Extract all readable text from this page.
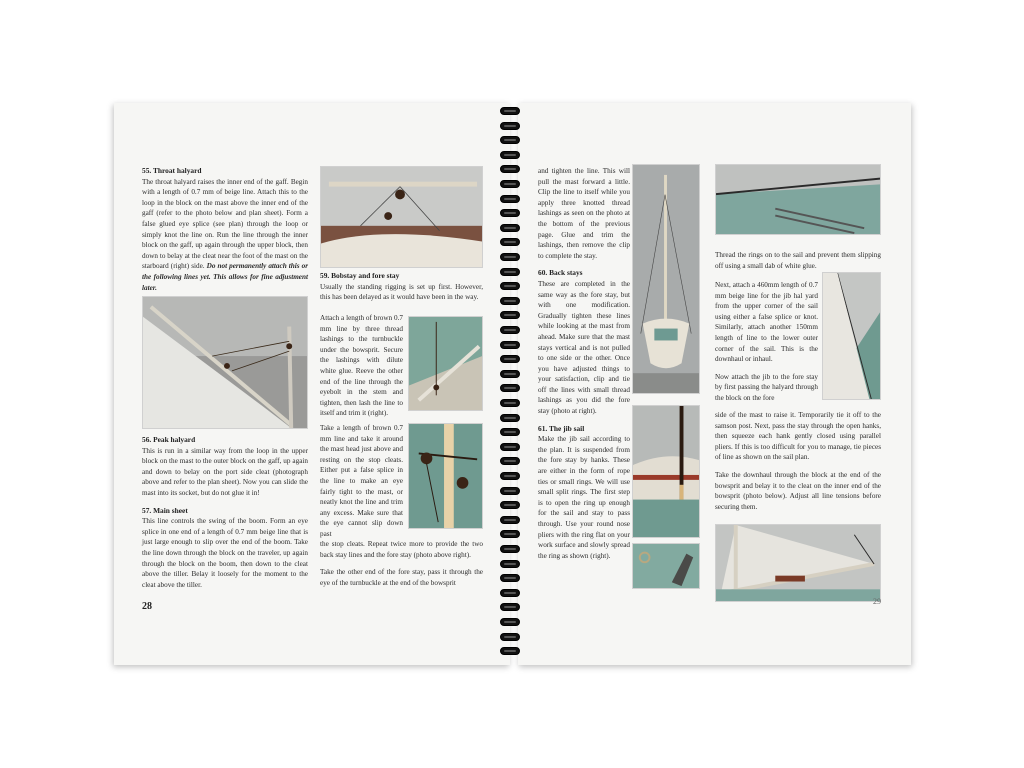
55. Throat halyard

The throat halyard raises the inner end of the gaff. Begin with a length of 0.7 mm of beige line. Attach this to the loop in the block on the mast above the inner end of the gaff (refer to the photo below and plan sheet). Form a false glued eye splice (see plan) through the loop or simply knot the line on. Run the line through the inner block on the gaff, up again through the upper block, then down to belay at the cleat near the foot of the mast on the starboard (right) side. Do not permanently attach this or the following lines yet. This allows for fine adjustment later.

56. Peak halyard

This is run in a similar way from the loop in the upper block on the mast to the outer block on the gaff, up again and down to belay on the port side cleat (photograph above and refer to the plan sheet). Now you can slide the mast into its socket, but do not glue it in!

57. Main sheet

This line controls the swing of the boom. Form an eye splice in one end of a length of 0.7 mm beige line that is just large enough to slip over the end of the boom. Take the line down through the block on the traveler, up again through the block on the boom, then down to the cleat above the tiller. Belay it loosely for the moment to the cleat above the tiller.

28
59. Bobstay and fore stay

Usually the standing rigging is set up first. However, this has been delayed as it would have been in the way.

Attach a length of brown 0.7 mm line by three thread lashings to the turnbuckle under the bowsprit. Secure the lashings with dilute white glue. Reeve the other end of the line through the eyebolt in the stem and tighten, then lash the line to itself and trim it (right).

Take a length of brown 0.7 mm line and take it around the mast head just above and resting on the stop cleats. Either put a false splice in the line to make an eye fairly tight to the mast, or neatly knot the line and trim any excess. Make sure that the eye cannot slip down past

the stop cleats. Repeat twice more to provide the two back stay lines and the fore stay (photo above right).

Take the other end of the fore stay, pass it through the eye of the turnbuckle at the end of the bowsprit

and tighten the line. This will pull the mast forward a little. Clip the line to itself while you apply three knotted thread lashings as seen on the photo at the bottom of the previous page. Glue and trim the lashings, then remove the clip to complete the stay.

60. Back stays

These are completed in the same way as the fore stay, but with one modification. Gradually tighten these lines while looking at the mast from ahead. Make sure that the mast stays vertical and is not pulled to one side or the other. Once you have adjusted things to your satisfaction, clip and tie off the lines with small thread lashings as you did the fore stay (photo at right).

61. The jib sail

Make the jib sail according to the plan. It is suspended from the fore stay by hanks. These are either in the form of rope ties or small rings. We will use small split rings. The first step is to open the ring up enough for the sail and stay to pass through. Use your round nose pliers with the ring flat on your work surface and slowly spread the ring as shown (right).

Thread the rings on to the sail and prevent them slipping off using a small dab of white glue.

Next, attach a 460mm length of 0.7 mm beige line for the jib hal yard from the upper corner of the sail using either a false splice or knot. Similarly, attach another 150mm length of line to the lower outer corner of the sail. This is the downhaul or inhaul.

Now attach the jib to the fore stay by first passing the halyard through the block on the fore

side of the mast to raise it. Temporarily tie it off to the samson post. Next, pass the stay through the open hanks, then squeeze each hank gently closed using parallel pliers. If this is too difficult for you to manage, tie pieces of line as shown on the sail plan.

Take the downhaul through the block at the end of the bowsprit and belay it to the cleat on the inner end of the bowsprit (photo below). Adjust all line tensions before securing them.

29
